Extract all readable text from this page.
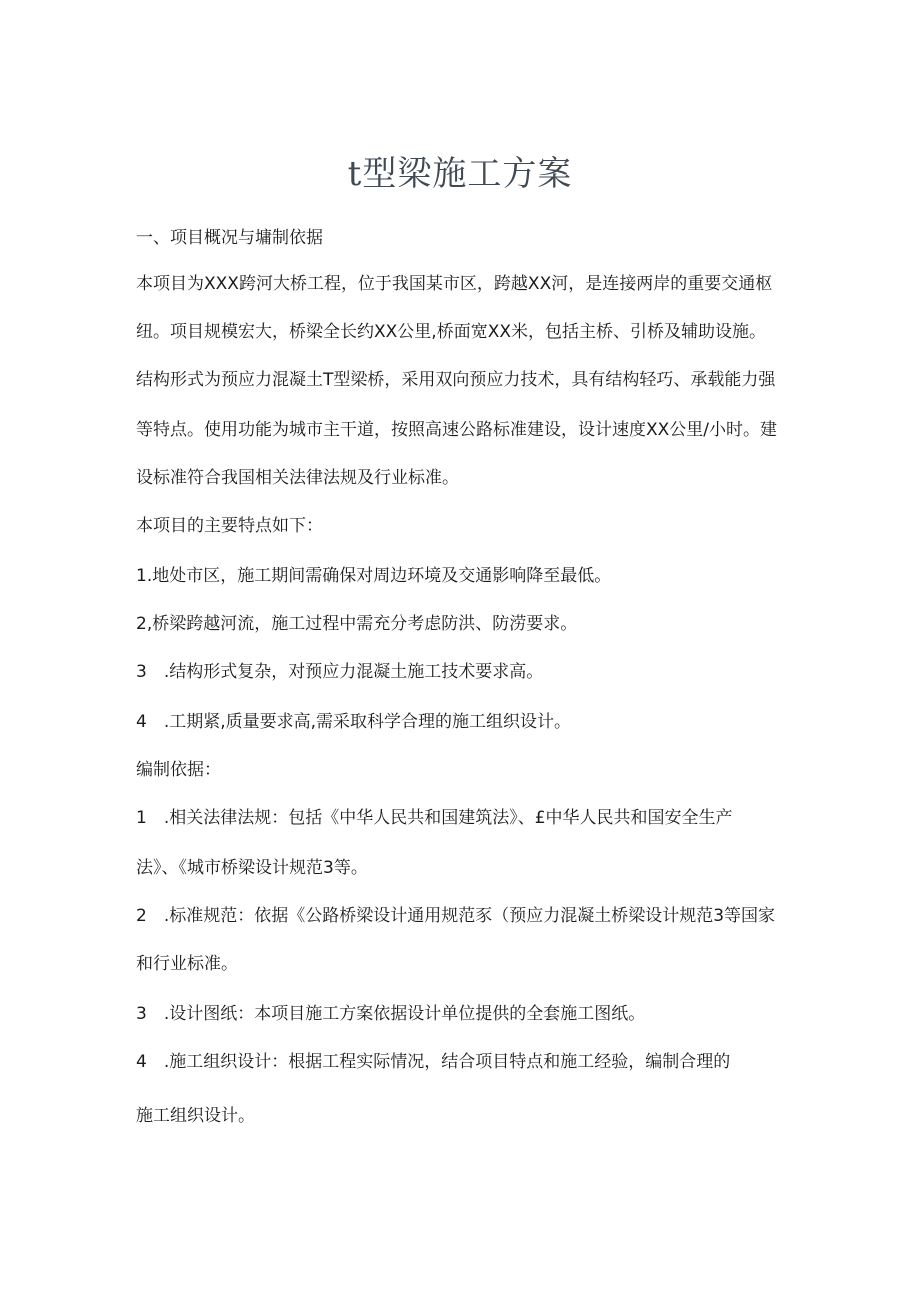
t型梁施工方案

一、项目概况与墉制依据

本项目为XXX跨河大桥工程，位于我国某市区，跨越XX河，是连接两岸的重要交通枢

纽。项目规模宏大，桥梁全长约XX公里,桥面宽XX米，包括主桥、引桥及辅助设施。

结构形式为预应力混凝土T型梁桥，采用双向预应力技术，具有结构轻巧、承载能力强

等特点。使用功能为城市主干道，按照高速公路标准建设，设计速度XX公里/小时。建

设标准符合我国相关法律法规及行业标准。

本项目的主要特点如下：

1.地处市区，施工期间需确保对周边环境及交通影响降至最低。

2,桥梁跨越河流，施工过程中需充分考虑防洪、防涝要求。

3　.结构形式复杂，对预应力混凝土施工技术要求高。

4　.工期紧,质量要求高,需采取科学合理的施工组织设计。

编制依据：

1　.相关法律法规：包括《中华人民共和国建筑法》、£中华人民共和国安全生产

法》、《城市桥梁设计规范3等。

2　.标准规范：依据《公路桥梁设计通用规范豕（预应力混凝土桥梁设计规范3等国家

和行业标准。

3　.设计图纸：本项目施工方案依据设计单位提供的全套施工图纸。

4　.施工组织设计：根据工程实际情况，结合项目特点和施工经验，编制合理的

施工组织设计。
